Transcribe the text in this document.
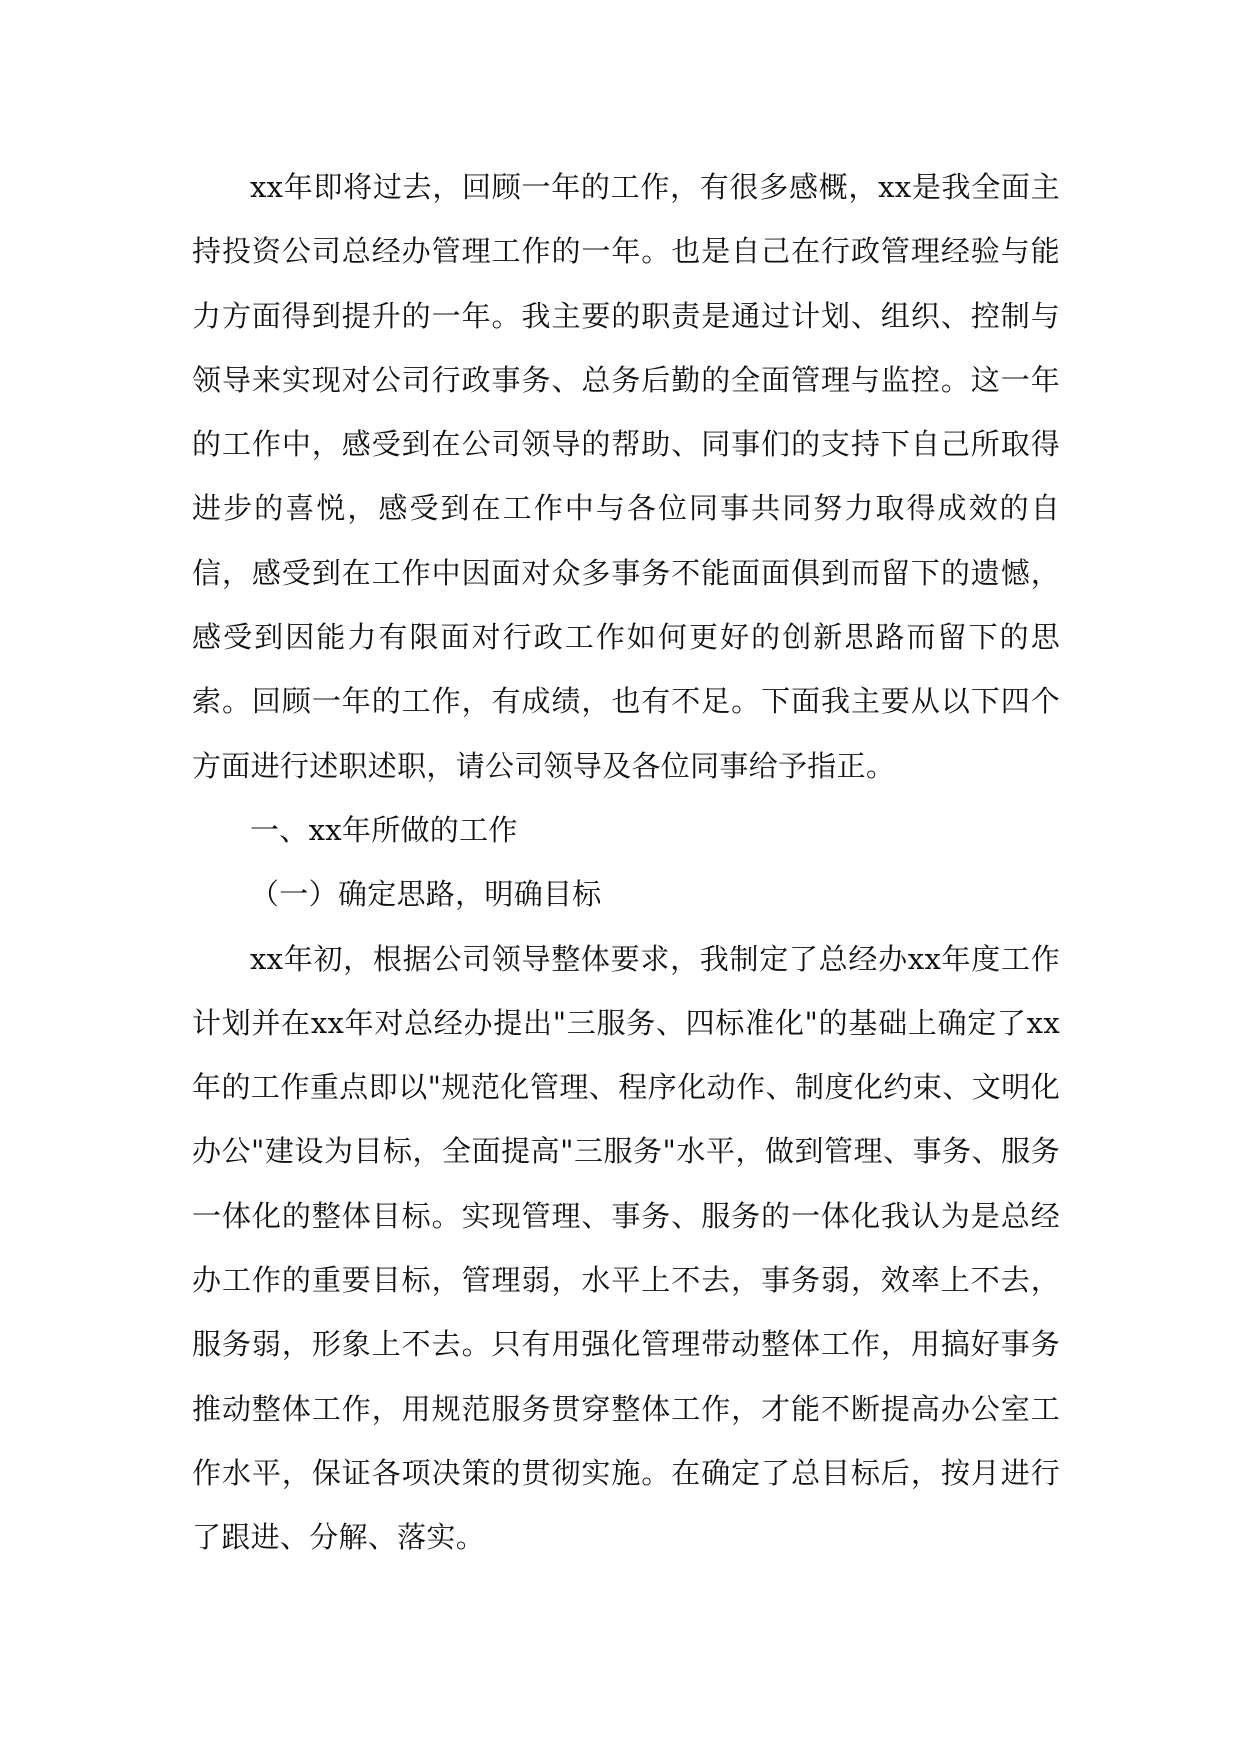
xx年即将过去，回顾一年的工作，有很多感概，xx是我全面主持投资公司总经办管理工作的一年。也是自己在行政管理经验与能力方面得到提升的一年。我主要的职责是通过计划、组织、控制与领导来实现对公司行政事务、总务后勤的全面管理与监控。这一年的工作中，感受到在公司领导的帮助、同事们的支持下自己所取得进步的喜悦，感受到在工作中与各位同事共同努力取得成效的自信，感受到在工作中因面对众多事务不能面面俱到而留下的遗憾，感受到因能力有限面对行政工作如何更好的创新思路而留下的思索。回顾一年的工作，有成绩，也有不足。下面我主要从以下四个方面进行述职述职，请公司领导及各位同事给予指正。

一、xx年所做的工作

（一）确定思路，明确目标

xx年初，根据公司领导整体要求，我制定了总经办xx年度工作计划并在xx年对总经办提出"三服务、四标准化"的基础上确定了xx年的工作重点即以"规范化管理、程序化动作、制度化约束、文明化办公"建设为目标，全面提高"三服务"水平，做到管理、事务、服务一体化的整体目标。实现管理、事务、服务的一体化我认为是总经办工作的重要目标，管理弱，水平上不去，事务弱，效率上不去，服务弱，形象上不去。只有用强化管理带动整体工作，用搞好事务推动整体工作，用规范服务贯穿整体工作，才能不断提高办公室工作水平，保证各项决策的贯彻实施。在确定了总目标后，按月进行了跟进、分解、落实。
